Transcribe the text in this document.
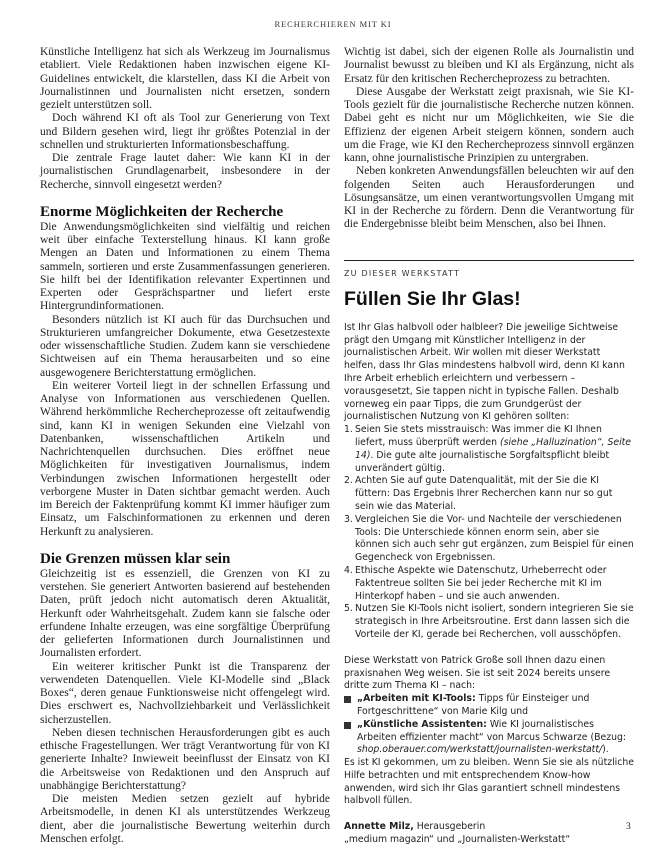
RECHERCHIEREN MIT KI

Künstliche Intelligenz hat sich als Werkzeug im Journalismus etabliert. Viele Redaktionen haben inzwischen eigene KI-Guidelines entwickelt, die klarstellen, dass KI die Arbeit von Journalistinnen und Journalisten nicht ersetzen, sondern gezielt unterstützen soll.

Doch während KI oft als Tool zur Generierung von Text und Bildern gesehen wird, liegt ihr größtes Potenzial in der schnellen und strukturierten Informationsbeschaffung.

Die zentrale Frage lautet daher: Wie kann KI in der journalistischen Grundlagenarbeit, insbesondere in der Recherche, sinnvoll eingesetzt werden?

Enorme Möglichkeiten der Recherche

Die Anwendungsmöglichkeiten sind vielfältig und reichen weit über einfache Texterstellung hinaus. KI kann große Mengen an Daten und Informationen zu einem Thema sammeln, sortieren und erste Zusammenfassungen generieren. Sie hilft bei der Identifikation relevanter Expertinnen und Experten oder Gesprächspartner und liefert erste Hintergrundinformationen.

Besonders nützlich ist KI auch für das Durchsuchen und Strukturieren umfangreicher Dokumente, etwa Gesetzestexte oder wissenschaftliche Studien. Zudem kann sie verschiedene Sichtweisen auf ein Thema herausarbeiten und so eine ausgewogenere Berichterstattung ermöglichen.

Ein weiterer Vorteil liegt in der schnellen Erfassung und Analyse von Informationen aus verschiedenen Quellen. Während herkömmliche Rechercheprozesse oft zeitaufwendig sind, kann KI in wenigen Sekunden eine Vielzahl von Datenbanken, wissenschaftlichen Artikeln und Nachrichtenquellen durchsuchen. Dies eröffnet neue Möglichkeiten für investigativen Journalismus, indem Verbindungen zwischen Informationen hergestellt oder verborgene Muster in Daten sichtbar gemacht werden. Auch im Bereich der Faktenprüfung kommt KI immer häufiger zum Einsatz, um Falschinformationen zu erkennen und deren Herkunft zu analysieren.

Die Grenzen müssen klar sein

Gleichzeitig ist es essenziell, die Grenzen von KI zu verstehen. Sie generiert Antworten basierend auf bestehenden Daten, prüft jedoch nicht automatisch deren Aktualität, Herkunft oder Wahrheitsgehalt. Zudem kann sie falsche oder erfundene Inhalte erzeugen, was eine sorgfältige Überprüfung der gelieferten Informationen durch Journalistinnen und Journalisten erfordert.

Ein weiterer kritischer Punkt ist die Transparenz der verwendeten Datenquellen. Viele KI-Modelle sind „Black Boxes“, deren genaue Funktionsweise nicht offengelegt wird. Dies erschwert es, Nachvollziehbarkeit und Verlässlichkeit sicherzustellen.

Neben diesen technischen Herausforderungen gibt es auch ethische Fragestellungen. Wer trägt Verantwortung für von KI generierte Inhalte? Inwieweit beeinflusst der Einsatz von KI die Arbeitsweise von Redaktionen und den Anspruch auf unabhängige Berichterstattung?

Die meisten Medien setzen gezielt auf hybride Arbeitsmodelle, in denen KI als unterstützendes Werkzeug dient, aber die journalistische Bewertung weiterhin durch Menschen erfolgt.

Wichtig ist dabei, sich der eigenen Rolle als Journalistin und Journalist bewusst zu bleiben und KI als Ergänzung, nicht als Ersatz für den kritischen Rechercheprozess zu betrachten.

Diese Ausgabe der Werkstatt zeigt praxisnah, wie Sie KI-Tools gezielt für die journalistische Recherche nutzen können. Dabei geht es nicht nur um Möglichkeiten, wie Sie die Effizienz der eigenen Arbeit steigern können, sondern auch um die Frage, wie KI den Rechercheprozess sinnvoll ergänzen kann, ohne journalistische Prinzipien zu untergraben.

Neben konkreten Anwendungsfällen beleuchten wir auf den folgenden Seiten auch Herausforderungen und Lösungsansätze, um einen verantwortungsvollen Umgang mit KI in der Recherche zu fördern. Denn die Verantwortung für die Endergebnisse bleibt beim Menschen, also bei Ihnen.

ZU DIESER WERKSTATT
Füllen Sie Ihr Glas!

Ist Ihr Glas halbvoll oder halbleer? Die jeweilige Sichtweise prägt den Umgang mit Künstlicher Intelligenz in der journalistischen Arbeit. Wir wollen mit dieser Werkstatt helfen, dass Ihr Glas mindestens halbvoll wird, denn KI kann Ihre Arbeit erheblich erleichtern und verbessern – vorausgesetzt, Sie tappen nicht in typische Fallen. Deshalb vorneweg ein paar Tipps, die zum Grundgerüst der journalistischen Nutzung von KI gehören sollten:

1. Seien Sie stets misstrauisch: Was immer die KI Ihnen liefert, muss überprüft werden (siehe „Halluzination“, Seite 14). Die gute alte journalistische Sorgfaltspflicht bleibt unverändert gültig.
2. Achten Sie auf gute Datenqualität, mit der Sie die KI füttern: Das Ergebnis Ihrer Recherchen kann nur so gut sein wie das Material.
3. Vergleichen Sie die Vor- und Nachteile der verschiedenen Tools: Die Unterschiede können enorm sein, aber sie können sich auch sehr gut ergänzen, zum Beispiel für einen Gegencheck von Ergebnissen.
4. Ethische Aspekte wie Datenschutz, Urheberrecht oder Faktentreue sollten Sie bei jeder Recherche mit KI im Hinterkopf haben – und sie auch anwenden.
5. Nutzen Sie KI-Tools nicht isoliert, sondern integrieren Sie sie strategisch in Ihre Arbeitsroutine. Erst dann lassen sich die Vorteile der KI, gerade bei Recherchen, voll ausschöpfen.

Diese Werkstatt von Patrick Große soll Ihnen dazu einen praxisnahen Weg weisen. Sie ist seit 2024 bereits unsere dritte zum Thema KI – nach:

„Arbeiten mit KI-Tools: Tipps für Einsteiger und Fortgeschrittene“ von Marie Kilg und
„Künstliche Assistenten: Wie KI journalistisches Arbeiten effizienter macht“ von Marcus Schwarze (Bezug: shop.oberauer.com/werkstatt/journalisten-werkstatt/).

Es ist KI gekommen, um zu bleiben. Wenn Sie sie als nützliche Hilfe betrachten und mit entsprechendem Know-how anwenden, wird sich Ihr Glas garantiert schnell mindestens halbvoll füllen.

Annette Milz, Herausgeberin

„medium magazin“ und „Journalisten-Werkstatt“

3
